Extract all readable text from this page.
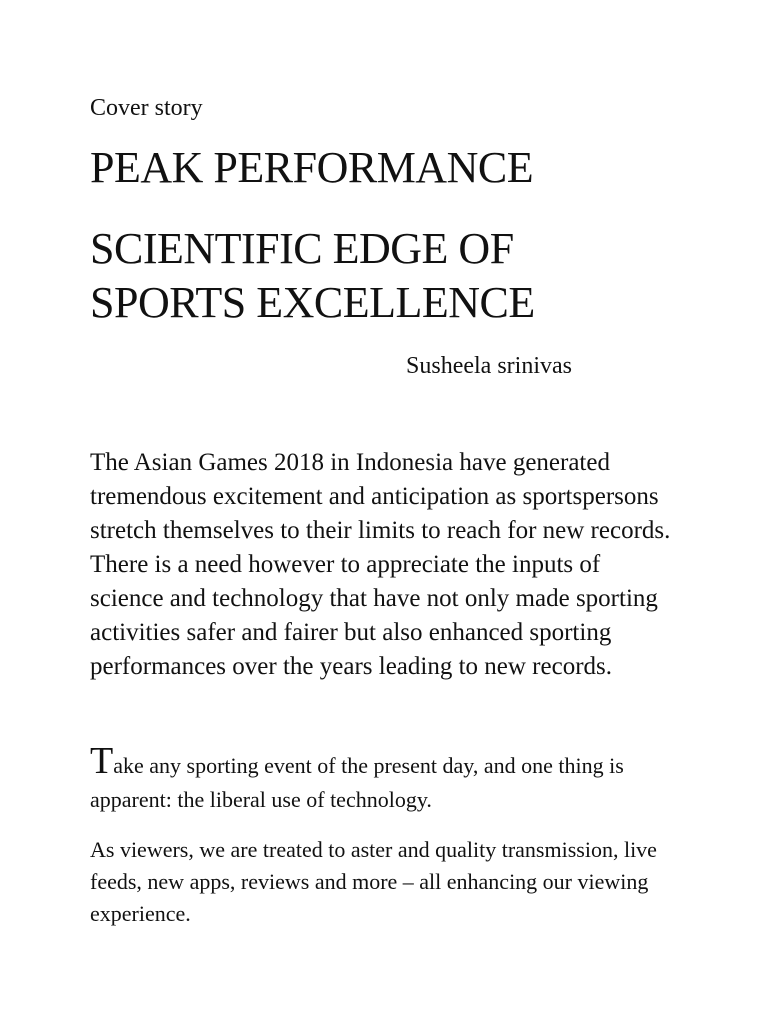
Cover story
PEAK PERFORMANCE
SCIENTIFIC EDGE OF
SPORTS EXCELLENCE
Susheela srinivas
The Asian Games 2018 in Indonesia have generated
tremendous excitement and anticipation as sportspersons
stretch themselves to their limits to reach for new records.
There is a need however to appreciate the inputs of
science and technology that have not only made sporting
activities safer and fairer but also enhanced sporting
performances over the years leading to new records.
Take any sporting event of the present day, and one thing is
apparent: the liberal use of technology.
As viewers, we are treated to aster and quality transmission, live
feeds, new apps, reviews and more – all enhancing our viewing
experience.
